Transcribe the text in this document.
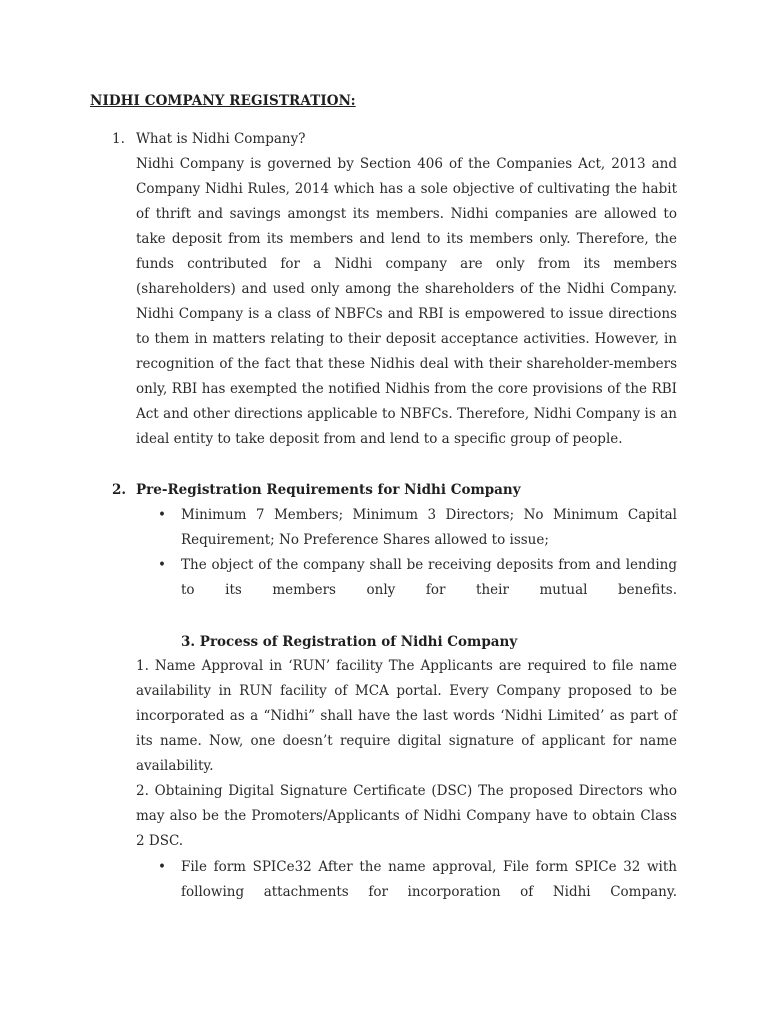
NIDHI COMPANY REGISTRATION:
1. What is Nidhi Company?

Nidhi Company is governed by Section 406 of the Companies Act, 2013 and Company Nidhi Rules, 2014 which has a sole objective of cultivating the habit of thrift and savings amongst its members. Nidhi companies are allowed to take deposit from its members and lend to its members only. Therefore, the funds contributed for a Nidhi company are only from its members (shareholders) and used only among the shareholders of the Nidhi Company. Nidhi Company is a class of NBFCs and RBI is empowered to issue directions to them in matters relating to their deposit acceptance activities. However, in recognition of the fact that these Nidhis deal with their shareholder-members only, RBI has exempted the notified Nidhis from the core provisions of the RBI Act and other directions applicable to NBFCs. Therefore, Nidhi Company is an ideal entity to take deposit from and lend to a specific group of people.

2. Pre-Registration Requirements for Nidhi Company
• Minimum 7 Members; Minimum 3 Directors; No Minimum Capital Requirement; No Preference Shares allowed to issue;

• The object of the company shall be receiving deposits from and lending to its members only for their mutual benefits.

3. Process of Registration of Nidhi Company

1. Name Approval in ‘RUN’ facility The Applicants are required to file name availability in RUN facility of MCA portal. Every Company proposed to be incorporated as a “Nidhi” shall have the last words ‘Nidhi Limited’ as part of its name. Now, one doesn’t require digital signature of applicant for name availability.

2. Obtaining Digital Signature Certificate (DSC) The proposed Directors who may also be the Promoters/Applicants of Nidhi Company have to obtain Class 2 DSC.

• File form SPICe32 After the name approval, File form SPICe 32 with following attachments for incorporation of Nidhi Company.
